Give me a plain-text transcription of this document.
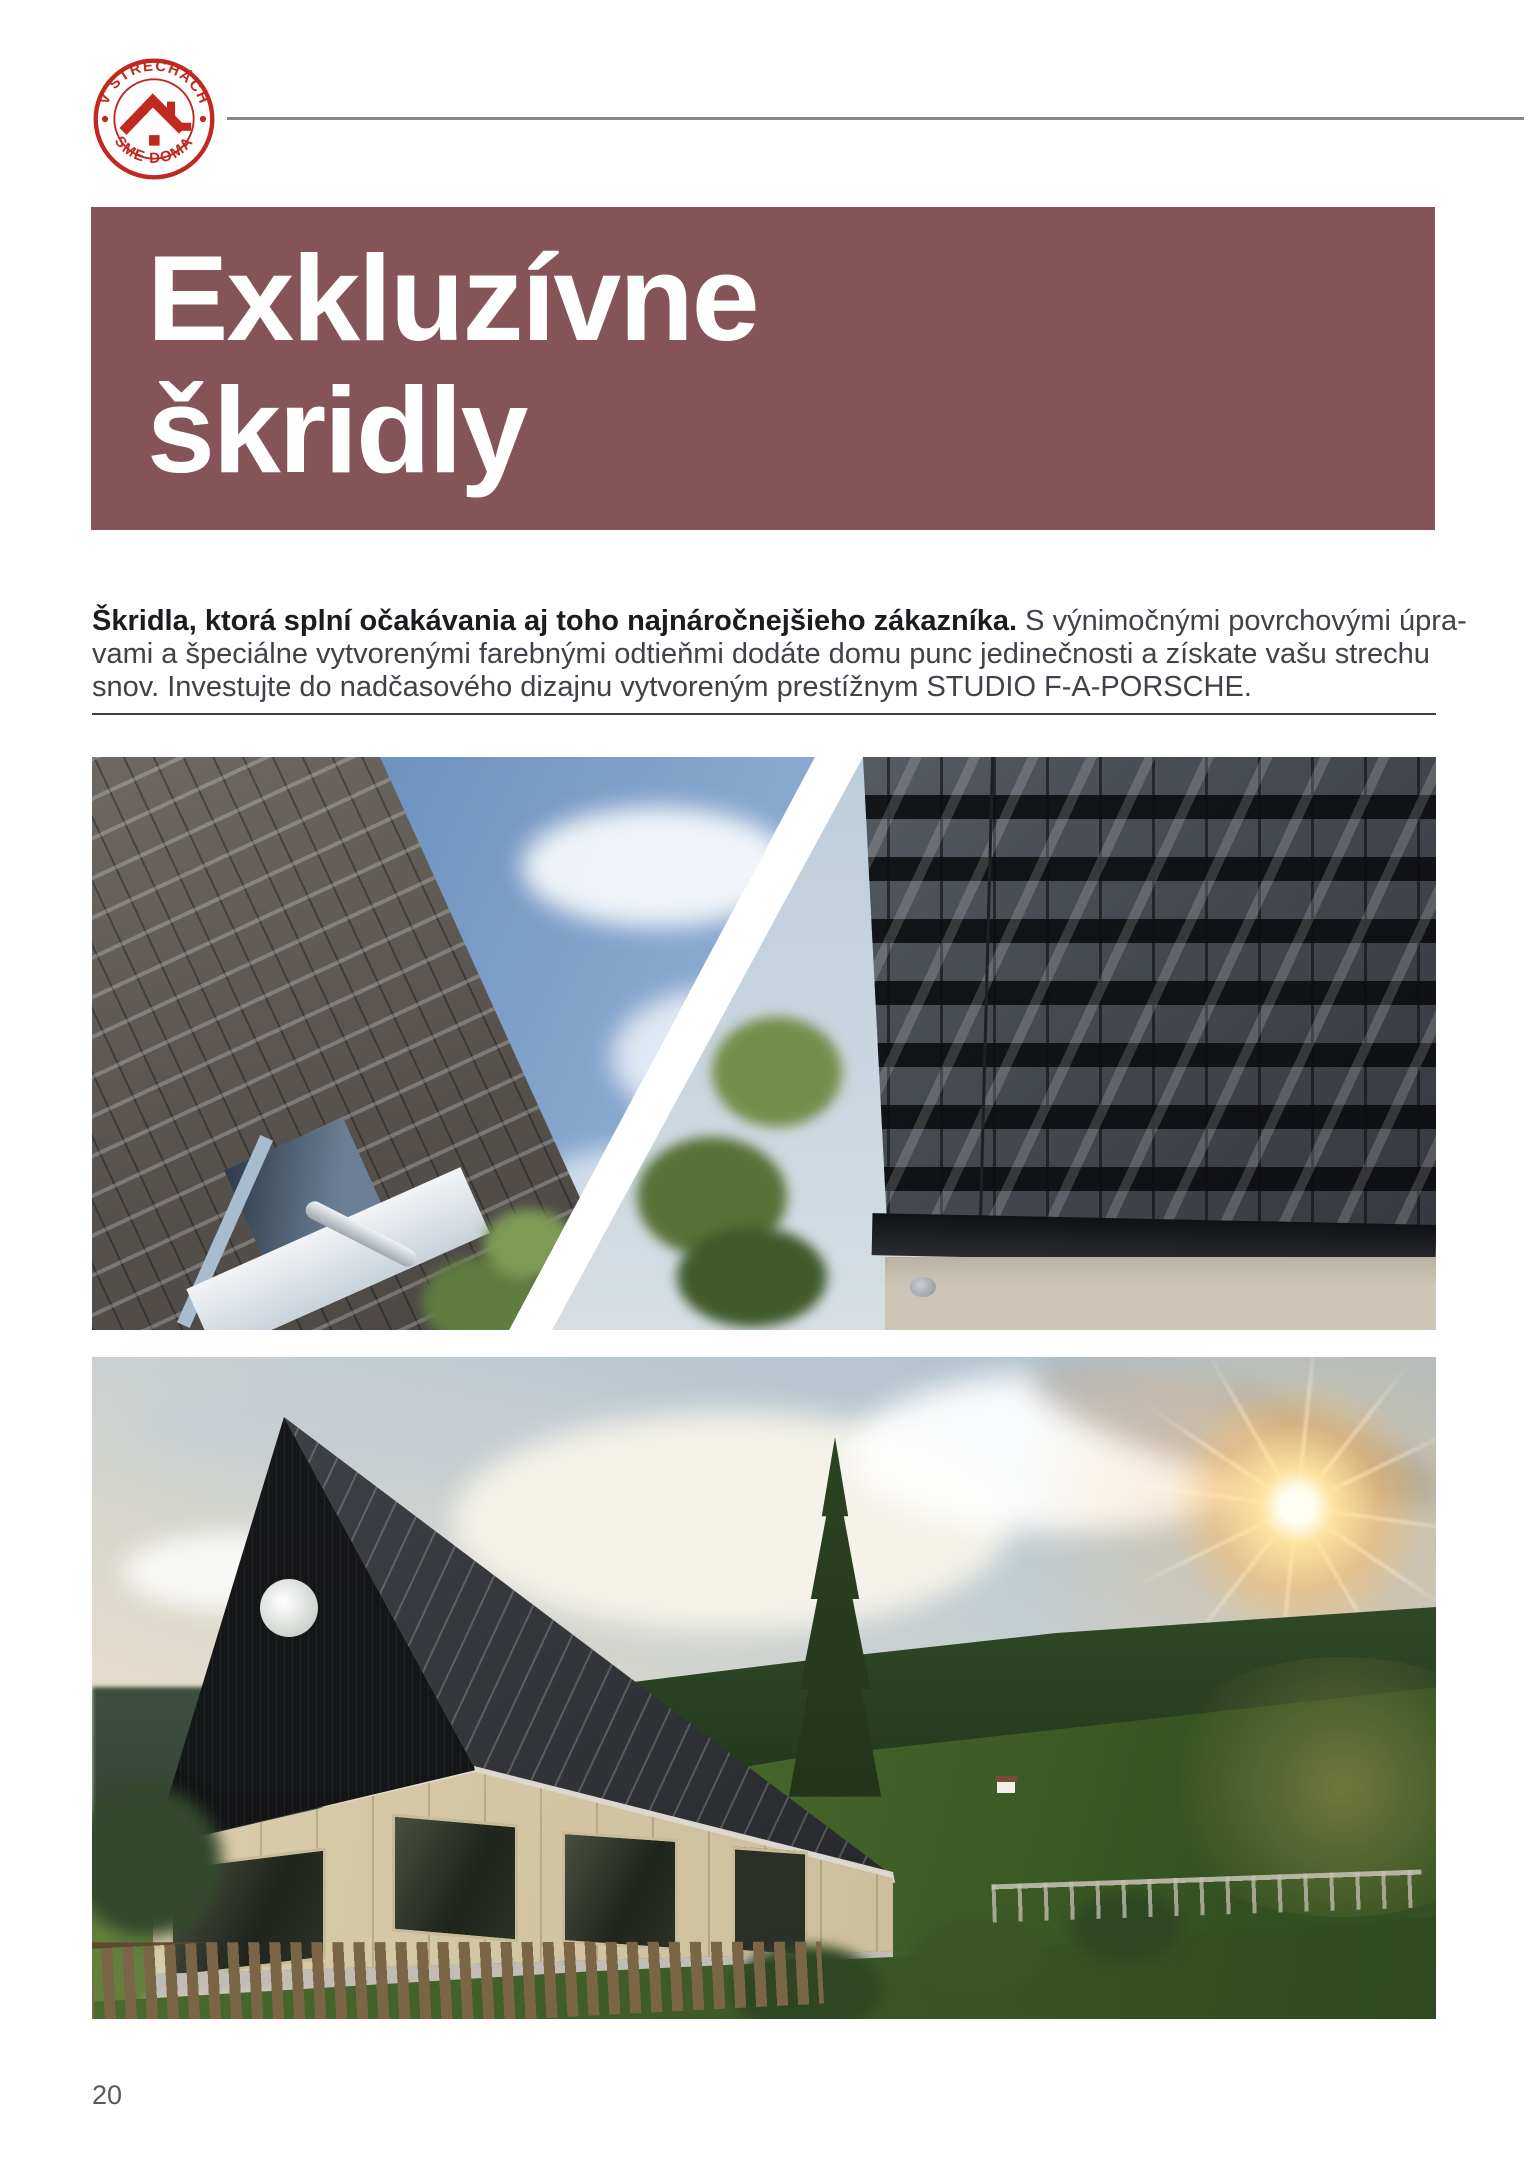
V STRECHÁCH
SME DOMA
Exkluzívne
škridly

Škridla, ktorá splní očakávania aj toho najnáročnejšieho zákazníka. S výnimočnými povrchovými úpra-
vami a špeciálne vytvorenými farebnými odtieňmi dodáte domu punc jedinečnosti a získate vašu strechu
snov. Investujte do nadčasového dizajnu vytvoreným prestížnym STUDIO F-A-PORSCHE.

20
